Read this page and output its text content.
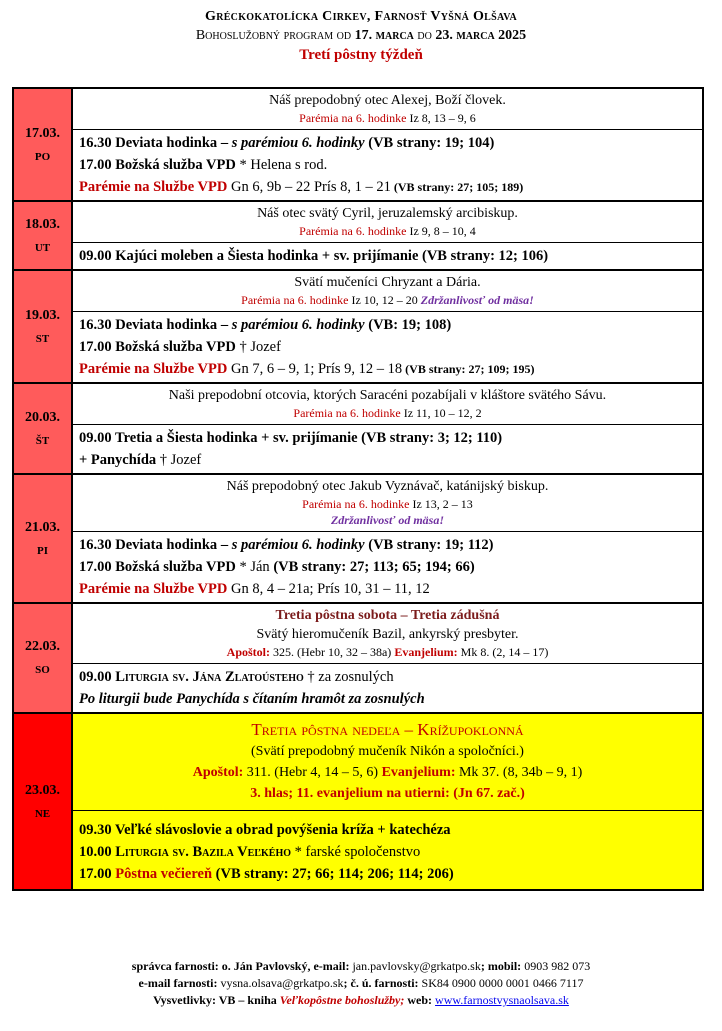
Gréckokatolícka Cirkev, Farnosť Vyšná Olšava
Bohoslužobný program od 17. marca do 23. marca 2025
Tretí pôstny týždeň
17.03.
PO
Náš prepodobný otec Alexej, Boží človek.
Parémia na 6. hodinke Iz 8, 13 – 9, 6
16.30 Deviata hodinka – s parémiou 6. hodinky (VB strany: 19; 104)
17.00 Božská služba VPD * Helena s rod.
Parémie na Službe VPD Gn 6, 9b – 22 Prís 8, 1 – 21 (VB strany: 27; 105; 189)
18.03.
UT
Náš otec svätý Cyril, jeruzalemský arcibiskup.
Parémia na 6. hodinke Iz 9, 8 – 10, 4
09.00 Kajúci moleben a Šiesta hodinka + sv. prijímanie (VB strany: 12; 106)
19.03.
ST
Svätí mučeníci Chryzant a Dária.
Parémia na 6. hodinke Iz 10, 12 – 20 Zdržanlivosť od mäsa!
16.30 Deviata hodinka – s parémiou 6. hodinky (VB: 19; 108)
17.00 Božská služba VPD † Jozef
Parémie na Službe VPD Gn 7, 6 – 9, 1; Prís 9, 12 – 18 (VB strany: 27; 109; 195)
20.03.
ŠT
Naši prepodobní otcovia, ktorých Saracéni pozabíjali v kláštore svätého Sávu.
Parémia na 6. hodinke Iz 11, 10 – 12, 2
09.00 Tretia a Šiesta hodinka + sv. prijímanie (VB strany: 3; 12; 110)
+ Panychída † Jozef
21.03.
PI
Náš prepodobný otec Jakub Vyznávač, katánijský biskup.
Parémia na 6. hodinke Iz 13, 2 – 13
Zdržanlivosť od mäsa!
16.30 Deviata hodinka – s parémiou 6. hodinky (VB strany: 19; 112)
17.00 Božská služba VPD * Ján (VB strany: 27; 113; 65; 194; 66)
Parémie na Službe VPD Gn 8, 4 – 21a; Prís 10, 31 – 11, 12
22.03.
SO
Tretia pôstna sobota – Tretia zádušná
Svätý hieromučeník Bazil, ankyrský presbyter.
Apoštol: 325. (Hebr 10, 32 – 38a) Evanjelium: Mk 8. (2, 14 – 17)
09.00 Liturgia sv. Jána Zlatoústeho † za zosnulých
Po liturgii bude Panychída s čítaním hramôt za zosnulých
23.03.
NE
Tretia pôstna nedeľa – Krížupoklonná
(Svätí prepodobný mučeník Nikón a spoločníci.)
Apoštol: 311. (Hebr 4, 14 – 5, 6) Evanjelium: Mk 37. (8, 34b – 9, 1)
3. hlas; 11. evanjelium na utierni: (Jn 67. zač.)
09.30 Veľké slávoslovie a obrad povýšenia kríža + katechéza
10.00 Liturgia sv. Bazila Veľkého * farské spoločenstvo
17.00 Pôstna večiereň (VB strany: 27; 66; 114; 206; 114; 206)
správca farnosti: o. Ján Pavlovský, e-mail: jan.pavlovsky@grkatpo.sk; mobil: 0903 982 073
e-mail farnosti: vysna.olsava@grkatpo.sk; č. ú. farnosti: SK84 0900 0000 0001 0466 7117
Vysvetlivky: VB – kniha Veľkopôstne bohoslužby; web: www.farnostvysnaolsava.sk
